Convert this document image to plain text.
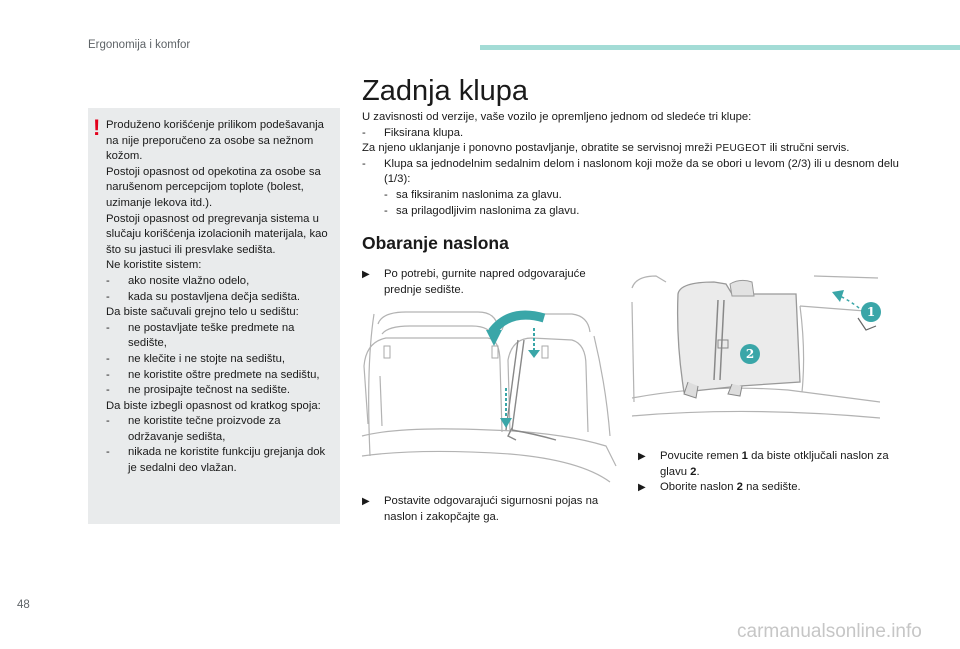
Ergonomija i komfor

Produženo korišćenje prilikom podešavanja na nije preporučeno za osobe sa nežnom kožom.

Postoji opasnost od opekotina za osobe sa narušenom percepcijom toplote (bolest, uzimanje lekova itd.).

Postoji opasnost od pregrevanja sistema u slučaju korišćenja izolacionih materijala, kao što su jastuci ili presvlake sedišta.

Ne koristite sistem:

-	ako nosite vlažno odelo,
-	kada su postavljena dečja sedišta.

Da biste sačuvali grejno telo u sedištu:

-	ne postavljate teške predmete na sedište,
-	ne klečite i ne stojte na sedištu,
-	ne koristite oštre predmete na sedištu,
-	ne prosipajte tečnost na sedište.

Da biste izbegli opasnost od kratkog spoja:

-	ne koristite tečne proizvode za održavanje sedišta,
-	nikada ne koristite funkciju grejanja dok je sedalni deo vlažan.
!
Zadnja klupa
U zavisnosti od verzije, vaše vozilo je opremljeno jednom od sledeće tri klupe:
-	Fiksirana klupa.
Za njeno uklanjanje i ponovno postavljanje, obratite se servisnoj mreži PEUGEOT ili stručni servis.
-	Klupa sa jednodelnim sedalnim delom i naslonom koji može da se obori u levom (2/3) ili u desnom delu (1/3):
- sa fiksiranim naslonima za glavu.
- sa prilagodljivim naslonima za glavu.
Obaranje naslona
▶	Po potrebi, gurnite napred odgovarajuće prednje sedište.
▶	Postavite odgovarajući sigurnosni pojas na naslon i zakopčajte ga.
1
2
▶	Povucite remen 1 da biste otključali naslon za glavu 2.
▶	Oborite naslon 2 na sedište.
48
carmanualsonline.info
